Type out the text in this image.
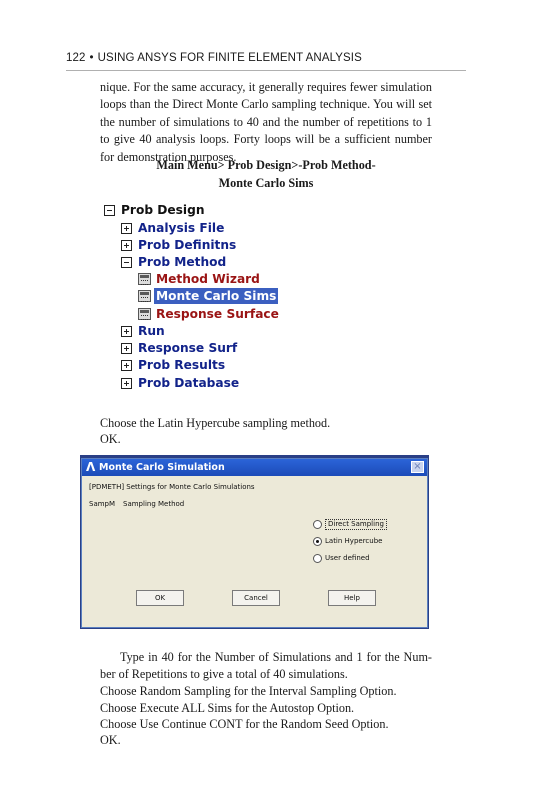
122 • USING ANSYS FOR FINITE ELEMENT ANALYSIS
nique. For the same accuracy, it generally requires fewer simulation loops than the Direct Monte Carlo sampling technique. You will set the number of simulations to 40 and the number of repetitions to 1 to give 40 analysis loops. Forty loops will be a sufficient number for demonstration purposes.
Main Menu> Prob Design>-Prob Method-
Monte Carlo Sims
Prob Design
Analysis File
Prob Definitns
Prob Method
Method Wizard
Monte Carlo Sims
Response Surface
Run
Response Surf
Prob Results
Prob Database
Choose the Latin Hypercube sampling method.
OK.
Λ Monte Carlo Simulation	×
[PDMETH] Settings for Monte Carlo Simulations
SampM Sampling Method
Direct Sampling
Latin Hypercube
User defined
OK	Cancel	Help
Type in 40 for the Number of Simulations and 1 for the Num- ber of Repetitions to give a total of 40 simulations.
Choose Random Sampling for the Interval Sampling Option.
Choose Execute ALL Sims for the Autostop Option.
Choose Use Continue CONT for the Random Seed Option.
OK.
